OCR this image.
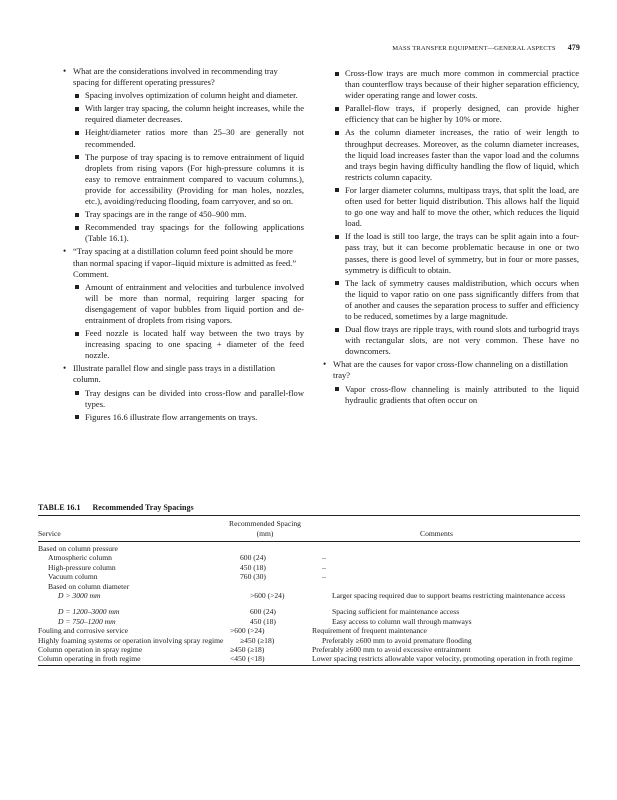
MASS TRANSFER EQUIPMENT—GENERAL ASPECTS 479
• What are the considerations involved in recommending tray spacing for different operating pressures?
Spacing involves optimization of column height and diameter.
With larger tray spacing, the column height increases, while the required diameter decreases.
Height/diameter ratios more than 25–30 are generally not recommended.
The purpose of tray spacing is to remove entrainment of liquid droplets from rising vapors (For high-pressure columns it is easy to remove entrainment compared to vacuum columns.), provide for accessibility (Providing for man holes, nozzles, etc.), avoiding/reducing flooding, foam carryover, and so on.
Tray spacings are in the range of 450–900 mm.
Recommended tray spacings for the following applications (Table 16.1).
• “Tray spacing at a distillation column feed point should be more than normal spacing if vapor–liquid mixture is admitted as feed.” Comment.
Amount of entrainment and velocities and turbulence involved will be more than normal, requiring larger spacing for disengagement of vapor bubbles from liquid portion and de-entrainment of droplets from rising vapors.
Feed nozzle is located half way between the two trays by increasing spacing to one spacing + diameter of the feed nozzle.
• Illustrate parallel flow and single pass trays in a distillation column.
Tray designs can be divided into cross-flow and parallel-flow types.
Figures 16.6 illustrate flow arrangements on trays.
Cross-flow trays are much more common in commercial practice than counterflow trays because of their higher separation efficiency, wider operating range and lower costs.
Parallel-flow trays, if properly designed, can provide higher efficiency that can be higher by 10% or more.
As the column diameter increases, the ratio of weir length to throughput decreases. Moreover, as the column diameter increases, the liquid load increases faster than the vapor load and the columns and trays begin having difficulty handling the flow of liquid, which restricts column capacity.
For larger diameter columns, multipass trays, that split the load, are often used for better liquid distribution. This allows half the liquid to go one way and half to move the other, which reduces the liquid load.
If the load is still too large, the trays can be split again into a four-pass tray, but it can become problematic because in one or two passes, there is good level of symmetry, but in four or more passes, symmetry is difficult to obtain.
The lack of symmetry causes maldistribution, which occurs when the liquid to vapor ratio on one pass significantly differs from that of another and causes the separation process to suffer and efficiency to be reduced, sometimes by a large magnitude.
Dual flow trays are ripple trays, with round slots and turbogrid trays with rectangular slots, are not very common. These have no downcomers.
• What are the causes for vapor cross-flow channeling on a distillation tray?
Vapor cross-flow channeling is mainly attributed to the liquid hydraulic gradients that often occur on
TABLE 16.1 Recommended Tray Spacings
Service
Recommended Spacing (mm)	Comments
Based on column pressure
Atmospheric column	600 (24)	–
High-pressure column	450 (18)	–
Vacuum column	760 (30)	–
Based on column diameter
D > 3000 mm	>600 (>24)	Larger spacing required due to support beams restricting maintenance access
D = 1200–3000 mm	600 (24)	Spacing sufficient for maintenance access
D = 750–1200 mm	450 (18)	Easy access to column wall through manways
Fouling and corrosive service	>600 (>24)	Requirement of frequent maintenance
Highly foaming systems or operation involving spray regime	≥450 (≥18)	Preferably ≥600 mm to avoid premature flooding
Column operation in spray regime	≥450 (≥18)	Preferably ≥600 mm to avoid excessive entrainment
Column operating in froth regime	<450 (<18)	Lower spacing restricts allowable vapor velocity, promoting operation in froth regime
